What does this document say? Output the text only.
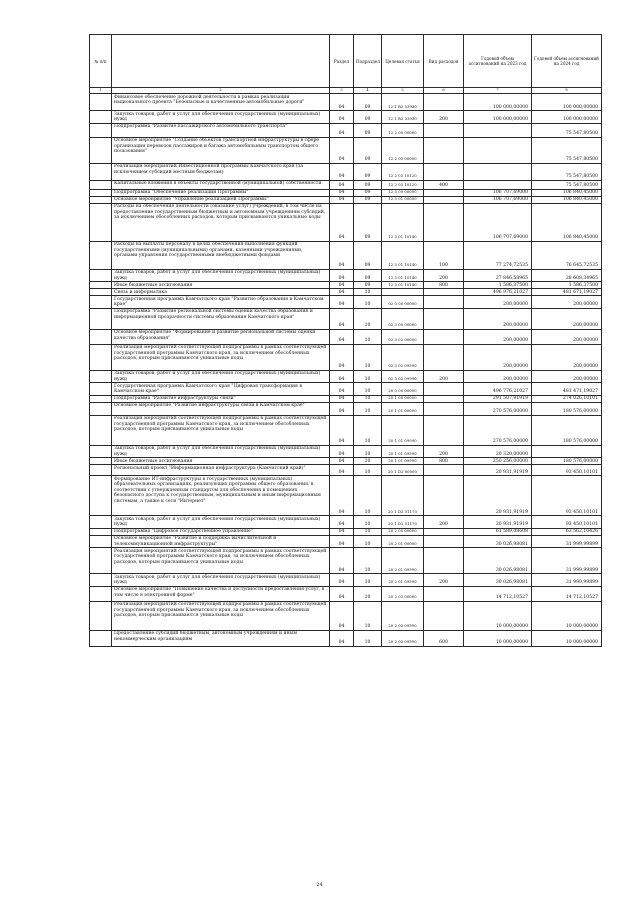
№ п/п		Раздел	Подраздел	Целевая статья	Вид расходов	Годовой объем ассигнований на 2023 год	Годовой объем ассигнований на 2024 год
1	2	3	4	5	6	7	8
	Финансовое обеспечение дорожной деятельности в рамках реализации национального проекта "Безопасные и качественные автомобильные дороги"	04	09	12 1 R2 53930		100 000,00000	100 000,00000
	Закупка товаров, работ и услуг для обеспечения государственных (муниципальных) нужд	04	09	12 1 R2 53930	200	100 000,00000	100 000,00000
	Подпрограмма "Развитие пассажирского автомобильного транспорта"	04	09	12 2 00 00000			75 547,80500
	Основное мероприятие "Создание объектов транспортной инфраструктуры в сфере организации перевозок пассажиров и багажа автомобильным транспортом общего пользования"	04	09	12 2 03 00000			75 547,80500
	Реализация мероприятий Инвестиционной программы Камчатского края (за исключением субсидий местным бюджетам)	04	09	12 2 03 10120			75 547,80500
	Капитальные вложения в объекты государственной (муниципальной) собственности	04	09	12 2 03 10120	400		75 547,80500
	Подпрограмма "Обеспечение реализации Программы"	04	09	12 5 00 00000		106 707,69000	106 840,45000
	Основное мероприятие "Управление реализацией Программы"	04	09	12 5 01 00000		106 707,69000	106 840,45000
	Расходы на обеспечение деятельности (оказание услуг) учреждений, в том числе на предоставление государственным бюджетным и автономным учреждениям субсидий, за исключением обособленных расходов, которым присваиваются уникальные коды	04	09	12 5 01 10140		106 707,69000	106 840,45000
	Расходы на выплаты персоналу в целях обеспечения выполнения функций государственными (муниципальными) органами, казенными учреждениями, органами управления государственными внебюджетными фондами	04	09	12 5 01 10140	100	77 274,72535	76 645,72535
	Закупка товаров, работ и услуг для обеспечения государственных (муниципальных) нужд	04	09	12 5 01 10140	200	27 846,58965	28 608,34965
	Иные бюджетные ассигнования	04	09	12 5 01 10140	800	1 586,37500	1 586,37500
	Связь и информатика	04	10			496 976,21027	481 671,19027
	Государственная программа Камчатского края "Развитие образования в Камчатском крае"	04	10	02 0 00 00000		200,00000	200,00000
	Подпрограмма "Развитие региональной системы оценки качества образования и информационной прозрачности системы образования Камчатского края"	04	10	02 3 00 00000		200,00000	200,00000
	Основное мероприятие "Формирование и развитие региональной системы оценки качества образования"	04	10	02 3 02 00000		200,00000	200,00000
	Реализация мероприятий соответствующей подпрограммы в рамках соответствующей государственной программы Камчатского края, за исключением обособленных расходов, которым присваиваются уникальные коды	04	10	02 3 02 09990		200,00000	200,00000
	Закупка товаров, работ и услуг для обеспечения государственных (муниципальных) нужд	04	10	02 3 02 09990	200	200,00000	200,00000
	Государственная программа Камчатского края "Цифровая трансформация в Камчатском крае"	04	10	20 0 00 00000		496 776,21027	481 471,19027
	Подпрограмма "Развитие инфраструктуры связи"	04	10	20 1 00 00000		291 507,91919	274 026,10101
	Основное мероприятие "Развитие инфраструктуры связи в Камчатском крае"	04	10	20 1 01 00000		270 576,00000	180 576,00000
	Реализация мероприятий соответствующей подпрограммы в рамках соответствующей государственной программы Камчатского края, за исключением обособленных расходов, которым присваиваются уникальные коды	04	10	20 1 01 09990		270 576,00000	180 576,00000
	Закупка товаров, работ и услуг для обеспечения государственных (муниципальных) нужд	04	10	20 1 01 09990	200	20 320,00000	
	Иные бюджетные ассигнования	04	10	20 1 01 09990	800	250 256,00000	180 576,00000
	Региональный проект "Информационная инфраструктура (Камчатский край)"	04	10	20 1 D2 00000		20 931,91919	93 450,10101
	Формирование ИТ-инфраструктуры в государственных (муниципальных) образовательных организациях, реализующих программы общего образования, в соответствии с утвержденным стандартом для обеспечения в помещениях безопасного доступа к государственным, муниципальным и иным информационным системам, а также к сети "Интернет"	04	10	20 1 D2 51170		20 931,91919	93 450,10101
	Закупка товаров, работ и услуг для обеспечения государственных (муниципальных) нужд	04	10	20 1 D2 51170	200	20 931,91919	93 450,10101
	Подпрограмма "Цифровое государственное управление"	04	10	20 2 00 00000		61 589,08608	63 562,10426
	Основное мероприятие "Развитие и поддержка вычислительной и телекоммуникационной инфраструктуры"	04	10	20 2 01 00000		30 026,98081	31 999,99899
	Реализация мероприятий соответствующей подпрограммы в рамках соответствующей государственной программы Камчатского края, за исключением обособленных расходов, которым присваиваются уникальные коды	04	10	20 2 01 09990		30 026,98081	31 999,99899
	Закупка товаров, работ и услуг для обеспечения государственных (муниципальных) нужд	04	10	20 2 01 09990	200	30 026,98081	31 999,99899
	Основное мероприятие "Повышение качества и доступности предоставления услуг, в том числе в электронной форме"	04	10	20 2 02 00000		14 712,10527	14 712,10527
	Реализация мероприятий соответствующей подпрограммы в рамках соответствующей государственной программы Камчатского края, за исключением обособленных расходов, которым присваиваются уникальные коды	04	10	20 2 02 09990		10 000,00000	10 000,00000
	Предоставление субсидий бюджетным, автономным учреждениям и иным некоммерческим организациям	04	10	20 2 02 09990	600	10 000,00000	10 000,00000
24
